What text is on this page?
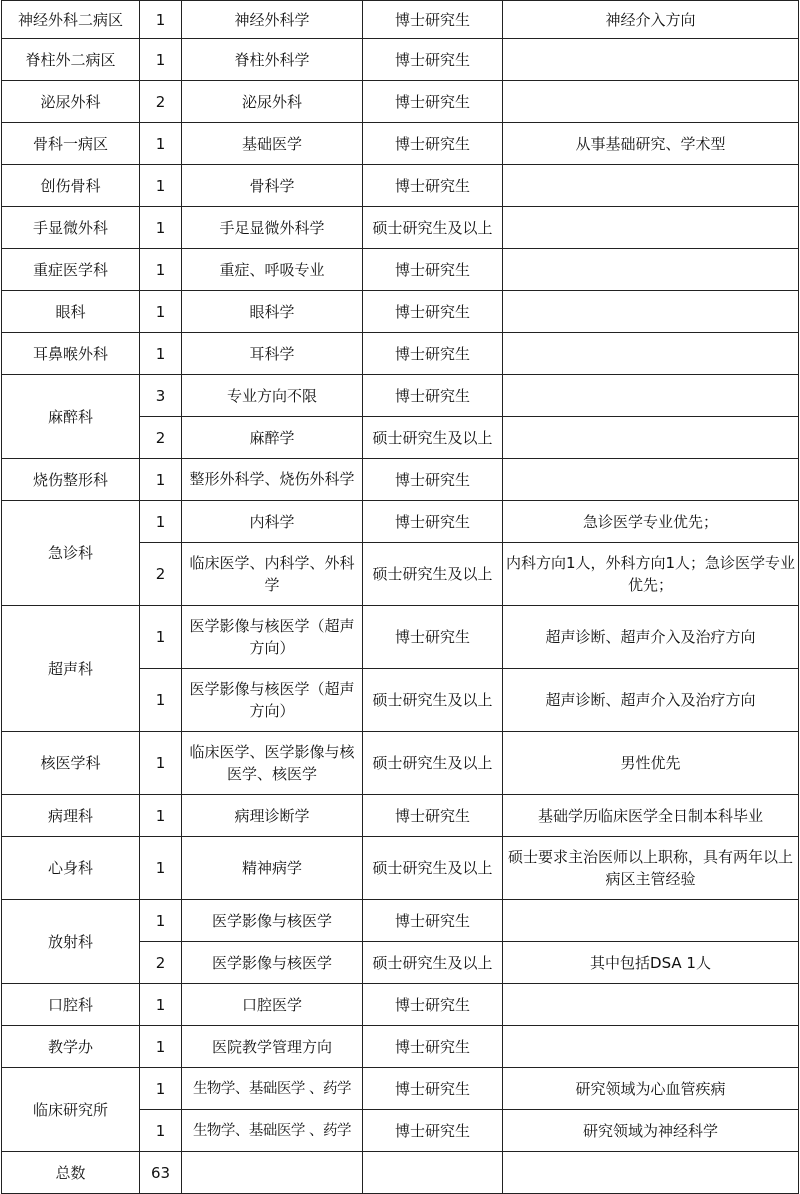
神经外科二病区	1	神经外科学	博士研究生	神经介入方向
脊柱外二病区	1	脊柱外科学	博士研究生	
泌尿外科	2	泌尿外科	博士研究生	
骨科一病区	1	基础医学	博士研究生	从事基础研究、学术型
创伤骨科	1	骨科学	博士研究生	
手显微外科	1	手足显微外科学	硕士研究生及以上	
重症医学科	1	重症、呼吸专业	博士研究生	
眼科	1	眼科学	博士研究生	
耳鼻喉外科	1	耳科学	博士研究生	
麻醉科	3	专业方向不限	博士研究生	
	2	麻醉学	硕士研究生及以上	
烧伤整形科	1	整形外科学、烧伤外科学	博士研究生	
急诊科	1	内科学	博士研究生	急诊医学专业优先；
	2	临床医学、内科学、外科学	硕士研究生及以上	内科方向1人，外科方向1人；急诊医学专业优先；
超声科	1	医学影像与核医学（超声方向）	博士研究生	超声诊断、超声介入及治疗方向
	1	医学影像与核医学（超声方向）	硕士研究生及以上	超声诊断、超声介入及治疗方向
核医学科	1	临床医学、医学影像与核医学、核医学	硕士研究生及以上	男性优先
病理科	1	病理诊断学	博士研究生	基础学历临床医学全日制本科毕业
心身科	1	精神病学	硕士研究生及以上	硕士要求主治医师以上职称，具有两年以上病区主管经验
放射科	1	医学影像与核医学	博士研究生	
	2	医学影像与核医学	硕士研究生及以上	其中包括DSA 1人
口腔科	1	口腔医学	博士研究生	
教学办	1	医院教学管理方向	博士研究生	
临床研究所	1	生物学、基础医学 、药学	博士研究生	研究领域为心血管疾病
	1	生物学、基础医学 、药学	博士研究生	研究领域为神经科学
总数	63			
